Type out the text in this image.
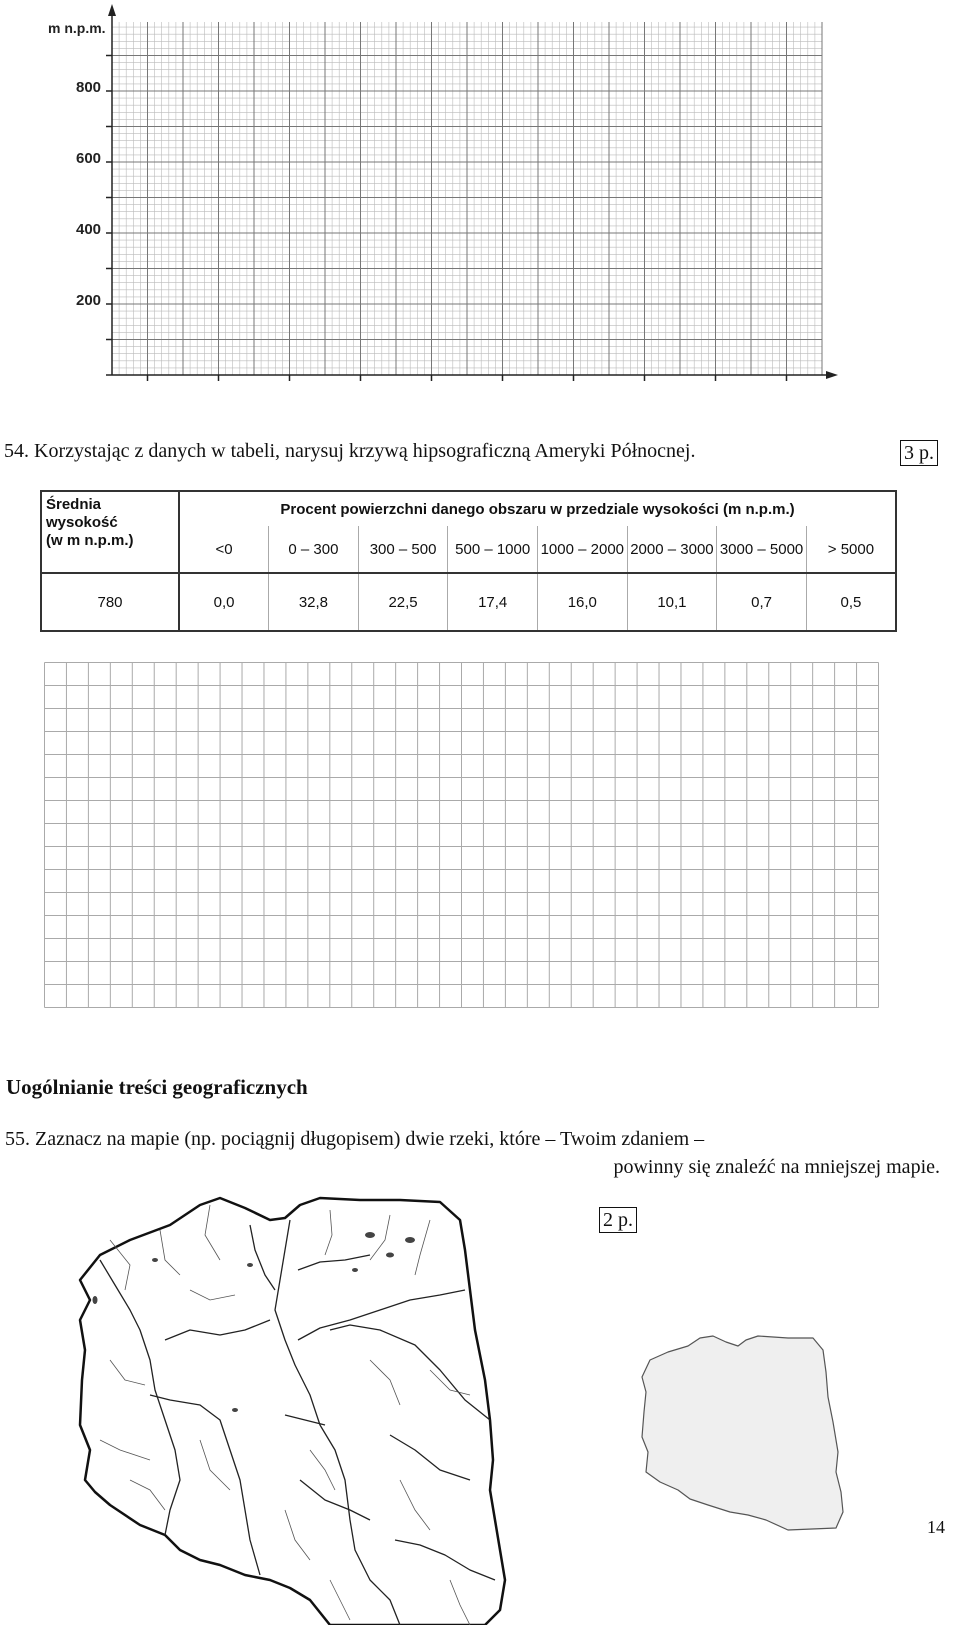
m n.p.m.
800
600
400
200
54. Korzystając z danych w tabeli, narysuj krzywą hipsograficzną Ameryki Północnej.	3 p.
Średnia wysokość
(w m n.p.m.)	Procent powierzchni danego obszaru w przedziale wysokości (m n.p.m.)							
	<0	0 – 300	300 – 500	500 – 1000	1000 – 2000	2000 – 3000	3000 – 5000	> 5000
780	0,0	32,8	22,5	17,4	16,0	10,1	0,7	0,5
Uogólnianie treści geograficznych
55. Zaznacz na mapie (np. pociągnij długopisem) dwie rzeki, które – Twoim zdaniem –
powinny się znaleźć na mniejszej mapie.
2 p.
14
